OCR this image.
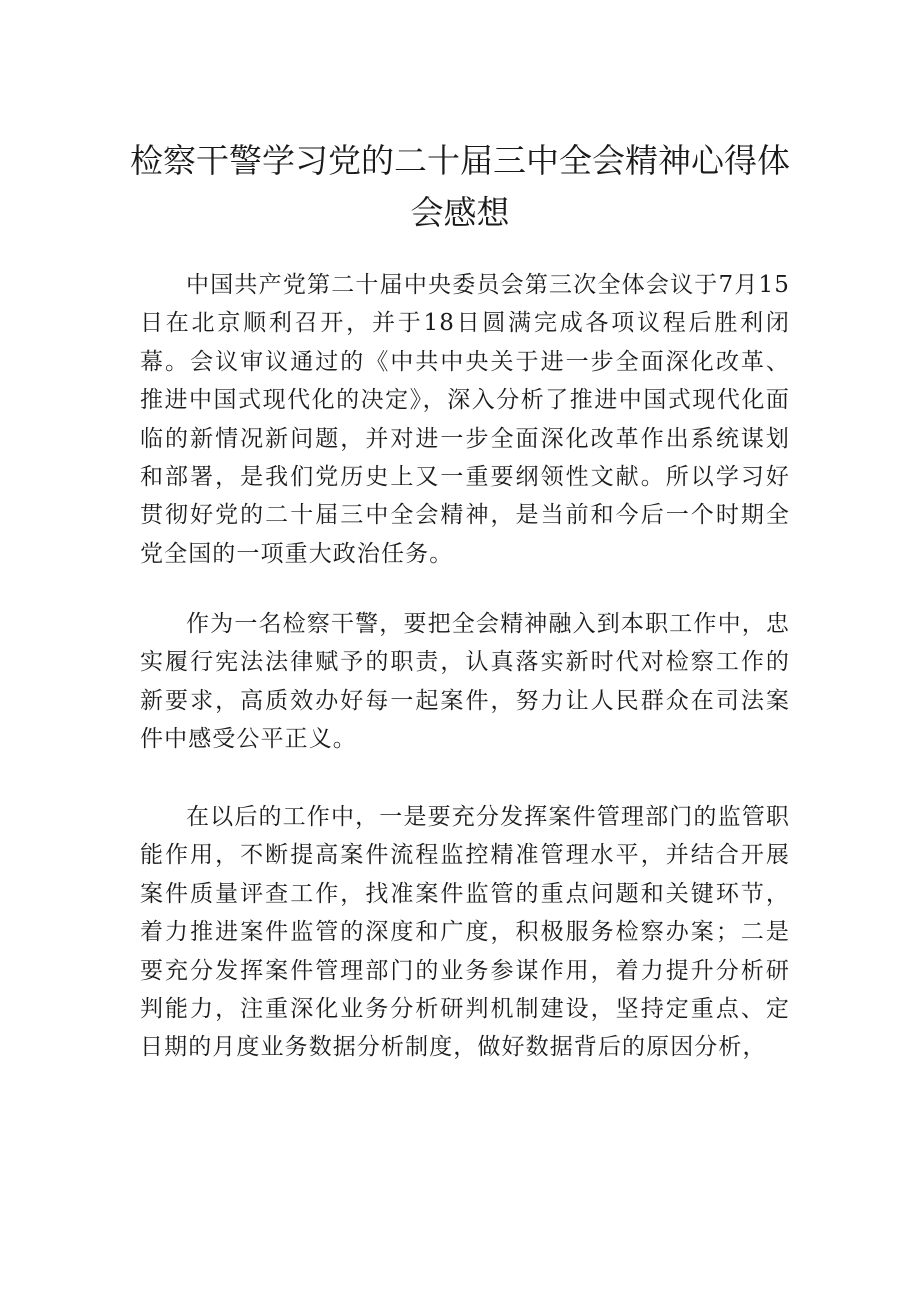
检察干警学习党的二十届三中全会精神心得体
会感想

中国共产党第二十届中央委员会第三次全体会议于7月15日在北京顺利召开，并于18日圆满完成各项议程后胜利闭幕。会议审议通过的《中共中央关于进一步全面深化改革、推进中国式现代化的决定》，深入分析了推进中国式现代化面临的新情况新问题，并对进一步全面深化改革作出系统谋划和部署，是我们党历史上又一重要纲领性文献。所以学习好贯彻好党的二十届三中全会精神，是当前和今后一个时期全党全国的一项重大政治任务。

作为一名检察干警，要把全会精神融入到本职工作中，忠实履行宪法法律赋予的职责，认真落实新时代对检察工作的新要求，高质效办好每一起案件，努力让人民群众在司法案件中感受公平正义。

在以后的工作中，一是要充分发挥案件管理部门的监管职能作用，不断提高案件流程监控精准管理水平，并结合开展案件质量评查工作，找准案件监管的重点问题和关键环节，着力推进案件监管的深度和广度，积极服务检察办案；二是要充分发挥案件管理部门的业务参谋作用，着力提升分析研判能力，注重深化业务分析研判机制建设，坚持定重点、定日期的月度业务数据分析制度，做好数据背后的原因分析，
